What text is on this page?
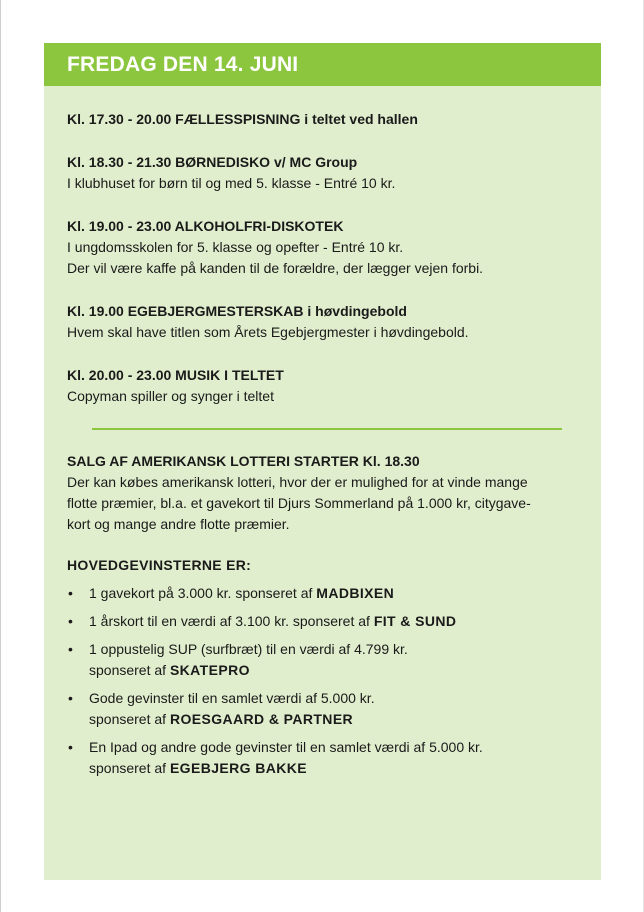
FREDAG DEN 14. JUNI
Kl. 17.30 - 20.00 FÆLLESSPISNING i teltet ved hallen
Kl. 18.30 - 21.30 BØRNEDISKO v/ MC Group
I klubhuset for børn til og med 5. klasse - Entré 10 kr.
Kl. 19.00 - 23.00 ALKOHOLFRI-DISKOTEK
I ungdomsskolen for 5. klasse og opefter - Entré 10 kr.
Der vil være kaffe på kanden til de forældre, der lægger vejen forbi.
Kl. 19.00 EGEBJERGMESTERSKAB i høvdingebold
Hvem skal have titlen som Årets Egebjergmester i høvdingebold.
Kl. 20.00 - 23.00 MUSIK I TELTET
Copyman spiller og synger i teltet
SALG AF AMERIKANSK LOTTERI STARTER Kl. 18.30
Der kan købes amerikansk lotteri, hvor der er mulighed for at vinde mange
flotte præmier, bl.a. et gavekort til Djurs Sommerland på 1.000 kr, citygave-
kort og mange andre flotte præmier.
HOVEDGEVINSTERNE ER:
• 1 gavekort på 3.000 kr. sponseret af MADBIXEN
• 1 årskort til en værdi af 3.100 kr. sponseret af FIT & SUND
• 1 oppustelig SUP (surfbræt) til en værdi af 4.799 kr.
sponseret af SKATEPRO
• Gode gevinster til en samlet værdi af 5.000 kr.
sponseret af ROESGAARD & PARTNER
• En Ipad og andre gode gevinster til en samlet værdi af 5.000 kr.
sponseret af EGEBJERG BAKKE
